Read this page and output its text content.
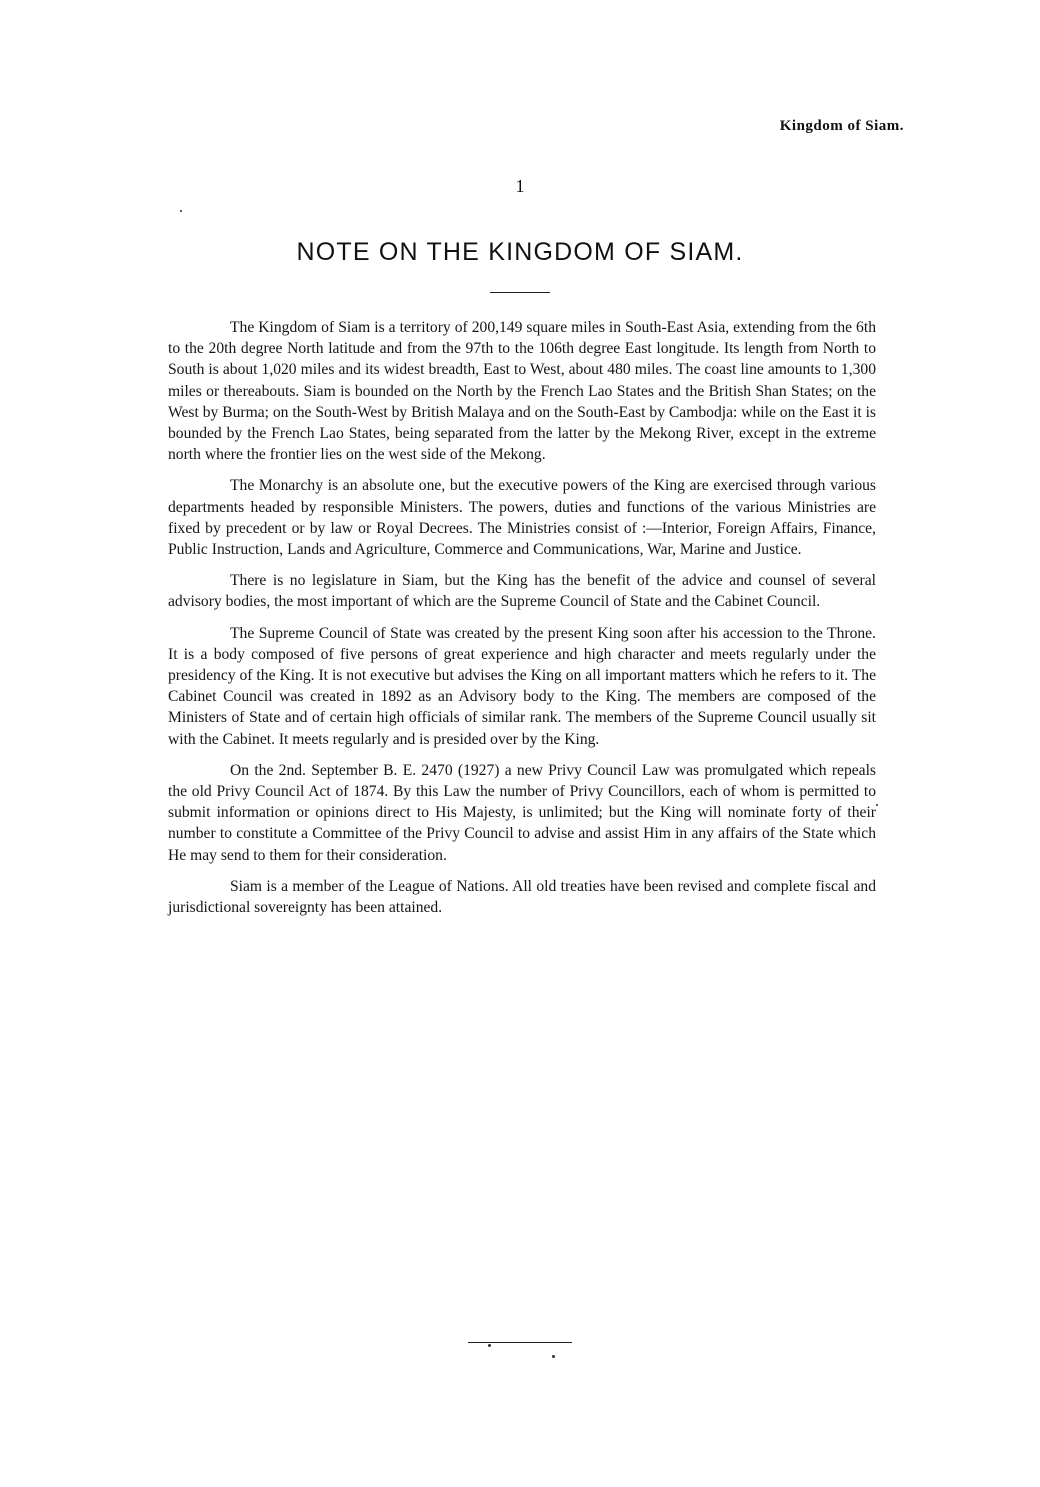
Kingdom of Siam.
1
NOTE ON THE KINGDOM OF SIAM.

The Kingdom of Siam is a territory of 200,149 square miles in South-East Asia, extending from the 6th to the 20th degree North latitude and from the 97th to the 106th degree East longitude. Its length from North to South is about 1,020 miles and its widest breadth, East to West, about 480 miles. The coast line amounts to 1,300 miles or thereabouts. Siam is bounded on the North by the French Lao States and the British Shan States; on the West by Burma; on the South-West by British Malaya and on the South-East by Cambodja: while on the East it is bounded by the French Lao States, being separated from the latter by the Mekong River, except in the extreme north where the frontier lies on the west side of the Mekong.

The Monarchy is an absolute one, but the executive powers of the King are exercised through various departments headed by responsible Ministers. The powers, duties and functions of the various Ministries are fixed by precedent or by law or Royal Decrees. The Ministries consist of :—Interior, Foreign Affairs, Finance, Public Instruction, Lands and Agriculture, Commerce and Communications, War, Marine and Justice.

There is no legislature in Siam, but the King has the benefit of the advice and counsel of several advisory bodies, the most important of which are the Supreme Council of State and the Cabinet Council.

The Supreme Council of State was created by the present King soon after his accession to the Throne. It is a body composed of five persons of great experience and high character and meets regularly under the presidency of the King. It is not executive but advises the King on all important matters which he refers to it. The Cabinet Council was created in 1892 as an Advisory body to the King. The members are composed of the Ministers of State and of certain high officials of similar rank. The members of the Supreme Council usually sit with the Cabinet. It meets regularly and is presided over by the King.

On the 2nd. September B. E. 2470 (1927) a new Privy Council Law was promulgated which repeals the old Privy Council Act of 1874. By this Law the number of Privy Councillors, each of whom is permitted to submit information or opinions direct to His Majesty, is unlimited; but the King will nominate forty of their number to constitute a Committee of the Privy Council to advise and assist Him in any affairs of the State which He may send to them for their consideration.

Siam is a member of the League of Nations. All old treaties have been revised and complete fiscal and jurisdictional sovereignty has been attained.
